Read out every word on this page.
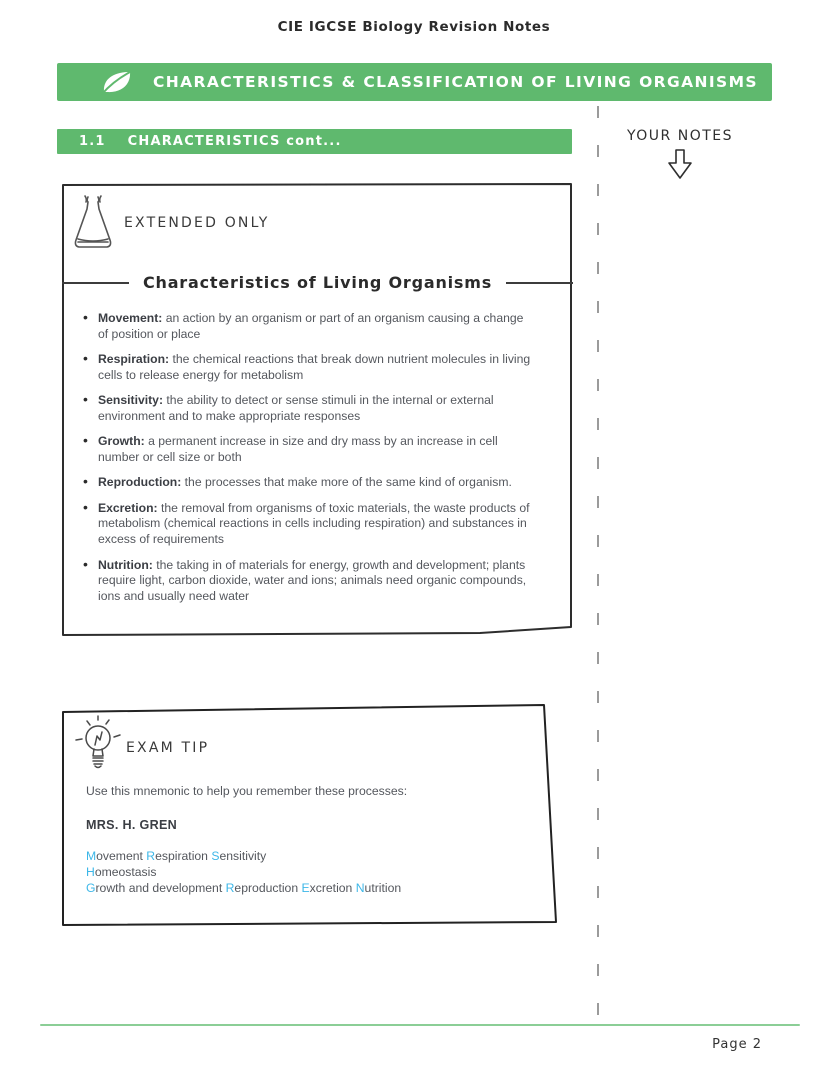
CIE IGCSE Biology Revision Notes
CHARACTERISTICS & CLASSIFICATION OF LIVING ORGANISMS
1.1 CHARACTERISTICS cont...	YOUR NOTES
EXTENDED ONLY
Characteristics of Living Organisms
• Movement: an action by an organism or part of an organism causing a change of position or place
• Respiration: the chemical reactions that break down nutrient molecules in living cells to release energy for metabolism
• Sensitivity: the ability to detect or sense stimuli in the internal or external environment and to make appropriate responses
• Growth: a permanent increase in size and dry mass by an increase in cell number or cell size or both
• Reproduction: the processes that make more of the same kind of organism.
• Excretion: the removal from organisms of toxic materials, the waste products of metabolism (chemical reactions in cells including respiration) and substances in excess of requirements
• Nutrition: the taking in of materials for energy, growth and development; plants require light, carbon dioxide, water and ions; animals need organic compounds, ions and usually need water
EXAM TIP
Use this mnemonic to help you remember these processes:
MRS. H. GREN
Movement Respiration Sensitivity
Homeostasis
Growth and development Reproduction Excretion Nutrition
Page 2
